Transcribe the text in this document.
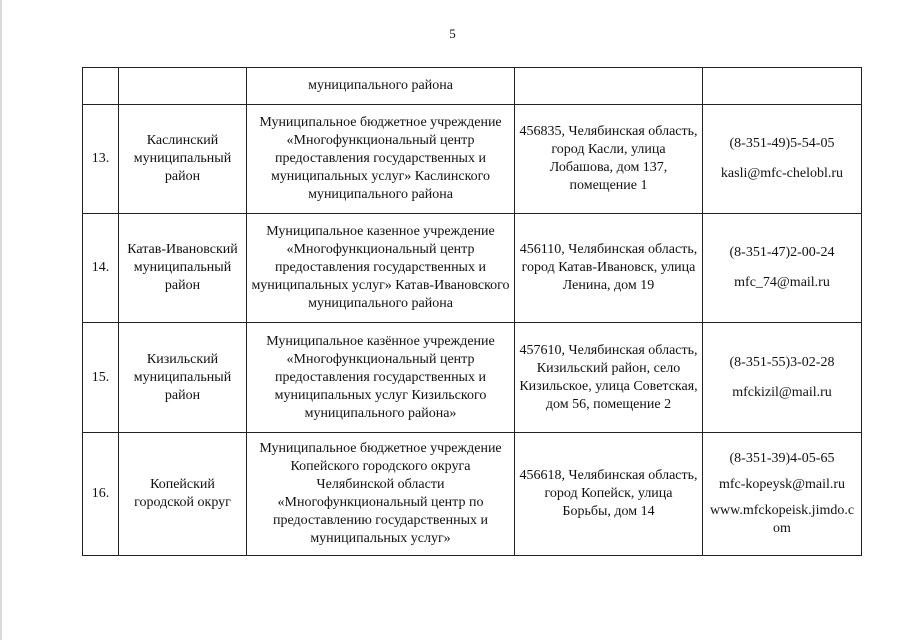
5
		муниципального района		
13.	Каслинский муниципальный район	Муниципальное бюджетное учреждение «Многофункциональный центр предоставления государственных и муниципальных услуг» Каслинского муниципального района	456835, Челябинская область, город Касли, улица Лобашова, дом 137, помещение 1	(8-351-49)5-54-05
kasli@mfc-chelobl.ru

14.	Катав-Ивановский муниципальный район	Муниципальное казенное учреждение «Многофункциональный центр предоставления государственных и муниципальных услуг» Катав-Ивановского муниципального района	456110, Челябинская область, город Катав-Ивановск, улица Ленина, дом 19	(8-351-47)2-00-24
mfc_74@mail.ru

15.	Кизильский муниципальный район	Муниципальное казённое учреждение «Многофункциональный центр предоставления государственных и муниципальных услуг Кизильского муниципального района»	457610, Челябинская область, Кизильский район, село Кизильское, улица Советская, дом 56, помещение 2	(8-351-55)3-02-28
mfckizil@mail.ru

16.	Копейский городской округ	Муниципальное бюджетное учреждение Копейского городского округа Челябинской области «Многофункциональный центр по предоставлению государственных и муниципальных услуг»	456618, Челябинская область, город Копейск, улица Борьбы, дом 14	(8-351-39)4-05-65
mfc-kopeysk@mail.ru
www.mfckopeisk.jimdo.com
